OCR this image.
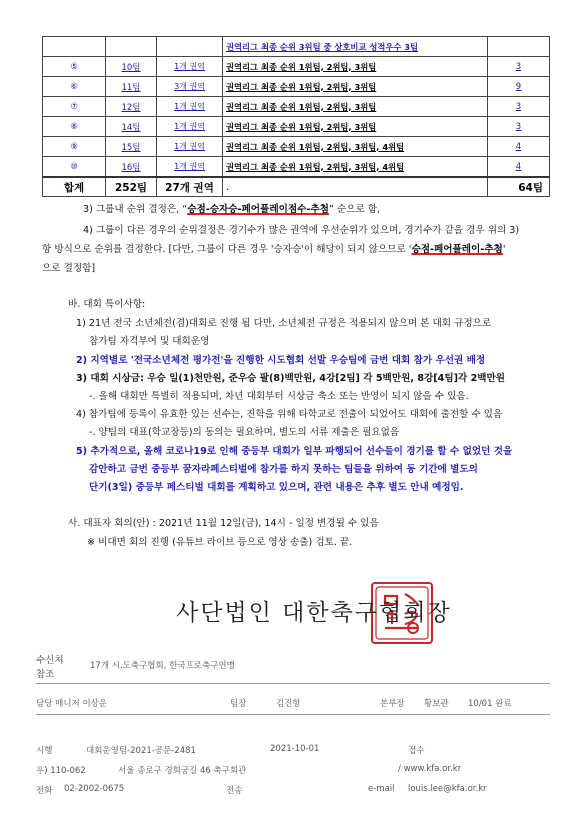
			권역리그 최종 순위 3위팀 중 상호비교 성적우수 3팀	
⑤	10팀	1개 권역	권역리그 최종 순위 1위팀, 2위팀, 3위팀	3
⑥	11팀	3개 권역	권역리그 최종 순위 1위팀, 2위팀, 3위팀	9
⑦	12팀	1개 권역	권역리그 최종 순위 1위팀, 2위팀, 3위팀	3
⑧	14팀	1개 권역	권역리그 최종 순위 1위팀, 2위팀, 3위팀	3
⑨	15팀	1개 권역	권역리그 최종 순위 1위팀, 2위팀, 3위팀, 4위팀	4
⑩	16팀	1개 권역	권역리그 최종 순위 1위팀, 2위팀, 3위팀, 4위팀	4
합계	252팀	27개 권역	.	64팀
3) 그룹내 순위 결정은, “승점-승자승-페어플레이점수-추첨” 순으로 함,
4) 그룹이 다른 경우의 순위결정은 경기수가 많은 권역에 우선순위가 있으며, 경기수가 같을 경우 위의 3)
항 방식으로 순위를 결정한다. [다만, 그룹이 다른 경우 '승자승'이 해당이 되지 않으므로 '승점-페어플레이-추첨'
으로 결정함]
바. 대회 특이사항:
1) 21년 전국 소년체전(겸)대회로 진행 됨 다만, 소년체전 규정은 적용되지 않으며 본 대회 규정으로
참가팀 자격부여 및 대회운영
2) 지역별로 '전국소년체전 평가전'을 진행한 시도협회 선발 우승팀에 금번 대회 참가 우선권 배정
3) 대회 시상금: 우승 일(1)천만원, 준우승 팔(8)백만원, 4강[2팀] 각 5백만원, 8강[4팀]각 2백만원
-. 올해 대회만 특별히 적용되며, 차년 대회부터 시상금 축소 또는 반영이 되지 않을 수 있음.
4) 참가팀에 등록이 유효한 있는 선수는, 진학을 위해 타학교로 전출이 되었어도 대회에 출전할 수 있음
-. 양팀의 대표(학교장등)의 동의는 필요하며, 별도의 서류 제출은 필요없음
5) 추가적으로, 올해 코로나19로 인해 중등부 대회가 일부 파행되어 선수들이 경기를 할 수 없었던 것을
감안하고 금번 중등부 꿈자라페스티벌에 참가를 하지 못하는 팀들을 위하여 동 기간에 별도의
단기(3일) 중등부 페스티벌 대회를 계획하고 있으며, 관련 내용은 추후 별도 안내 예정임.
사. 대표자 회의(안) : 2021년 11월 12일(금), 14시 - 일정 변경될 수 있음
※ 비대면 회의 진행 (유튜브 라이브 등으로 영상 송출) 검토. 끝.
사단법인 대한축구협회장
수신처
참조
17개 시.도축구협회, 한국프로축구연맹
담당 매니저 이상운	팀장	김진항	본부장 황보관 10/01 완료
시행	대회운영팀-2021-공문-2481	2021-10-01	접수
우) 110-062	서울 종로구 경희궁길 46 축구회관	/ www.kfa.or.kr
전화 02-2002-0675	전송	e-mail louis.lee@kfa.or.kr
